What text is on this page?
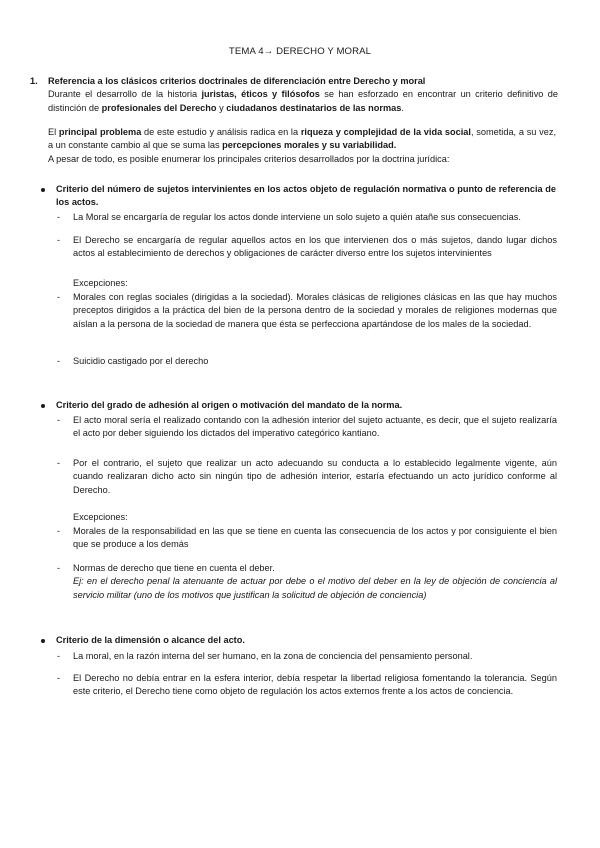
TEMA 4→ DERECHO Y MORAL
1. Referencia a los clásicos criterios doctrinales de diferenciación entre Derecho y moral

Durante el desarrollo de la historia juristas, éticos y filósofos se han esforzado en encontrar un criterio definitivo de distinción de profesionales del Derecho y ciudadanos destinatarios de las normas.

El principal problema de este estudio y análisis radica en la riqueza y complejidad de la vida social, sometida, a su vez, a un constante cambio al que se suma las percepciones morales y su variabilidad.

A pesar de todo, es posible enumerar los principales criterios desarrollados por la doctrina jurídica:

Criterio del número de sujetos intervinientes en los actos objeto de regulación normativa o punto de referencia de los actos.

- La Moral se encargaría de regular los actos donde interviene un solo sujeto a quién atañe sus consecuencias.

- El Derecho se encargaría de regular aquellos actos en los que intervienen dos o más sujetos, dando lugar dichos actos al establecimiento de derechos y obligaciones de carácter diverso entre los sujetos intervinientes

Excepciones:
- Morales con reglas sociales (dirigidas a la sociedad). Morales clásicas de religiones clásicas en las que hay muchos preceptos dirigidos a la práctica del bien de la persona dentro de la sociedad y morales de religiones modernas que aíslan a la persona de la sociedad de manera que ésta se perfecciona apartándose de los males de la sociedad.

- Suicidio castigado por el derecho

Criterio del grado de adhesión al origen o motivación del mandato de la norma.

- El acto moral sería el realizado contando con la adhesión interior del sujeto actuante, es decir, que el sujeto realizaría el acto por deber siguiendo los dictados del imperativo categórico kantiano.

- Por el contrario, el sujeto que realizar un acto adecuando su conducta a lo establecido legalmente vigente, aún cuando realizaran dicho acto sin ningún tipo de adhesión interior, estaría efectuando un acto jurídico conforme al Derecho.

Excepciones:
- Morales de la responsabilidad en las que se tiene en cuenta las consecuencia de los actos y por consiguiente el bien que se produce a los demás

- Normas de derecho que tiene en cuenta el deber.

Ej: en el derecho penal la atenuante de actuar por debe o el motivo del deber en la ley de objeción de conciencia al servicio militar (uno de los motivos que justifican la solicitud de objeción de conciencia)

Criterio de la dimensión o alcance del acto.

- La moral, en la razón interna del ser humano, en la zona de conciencia del pensamiento personal.

- El Derecho no debía entrar en la esfera interior, debía respetar la libertad religiosa fomentando la tolerancia. Según este criterio, el Derecho tiene como objeto de regulación los actos externos frente a los actos de conciencia.
